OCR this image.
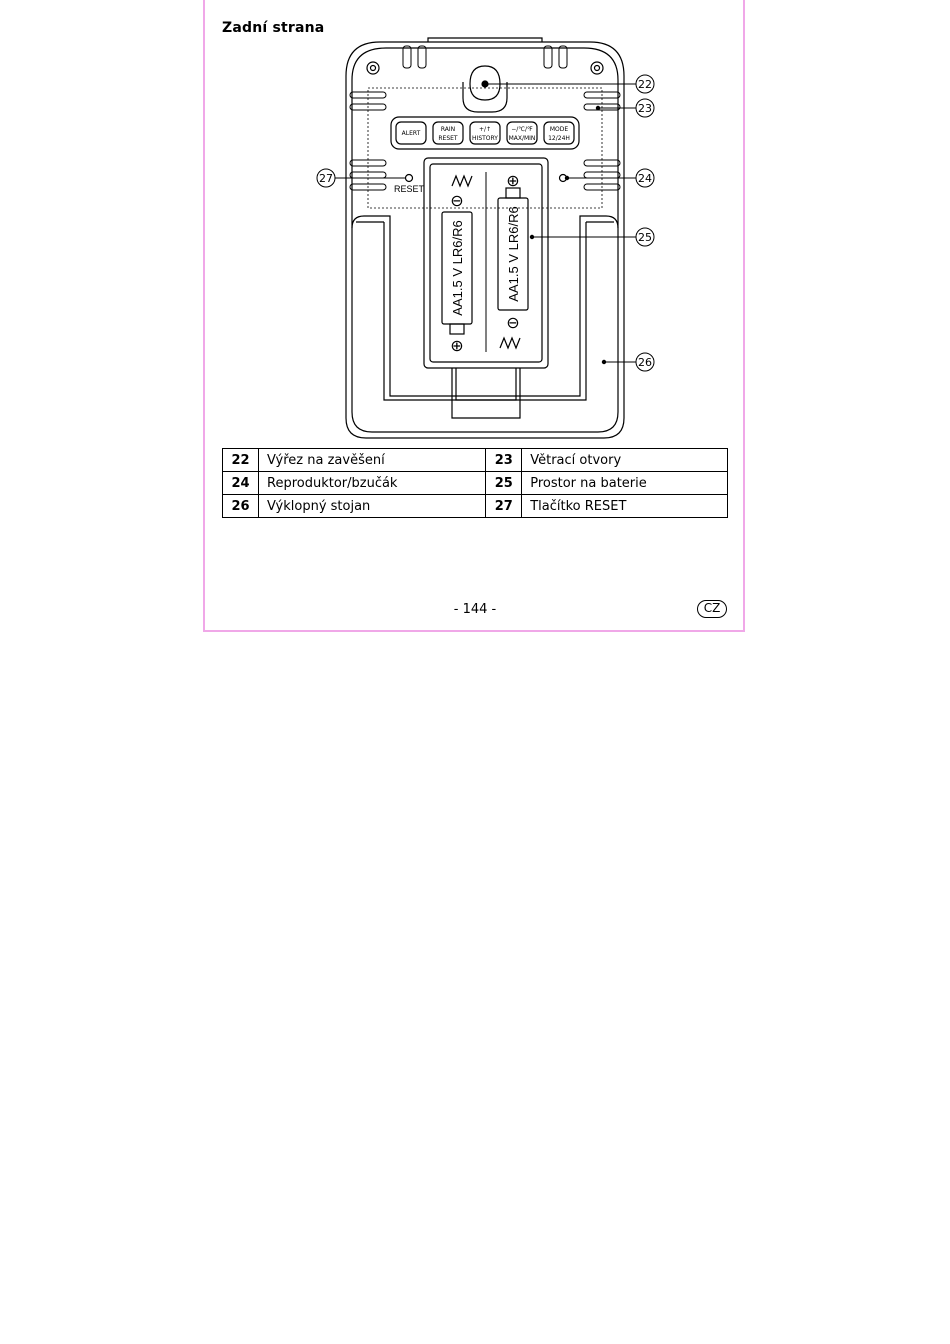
Zadní strana
ALERT
RAIN
RESET
+/↑
HISTORY
−/℃/℉
MAX/MIN
MODE
12/24H
RESET
AA1.5 V LR6/R6	AA1.5 V LR6/R6
⊖
⊕
⊕
⊖
22
23
24
25
26
27
22	Výřez na zavěšení	23	Větrací otvory
24	Reproduktor/bzučák	25	Prostor na baterie
26	Výklopný stojan	27	Tlačítko RESET
- 144 -	CZ
